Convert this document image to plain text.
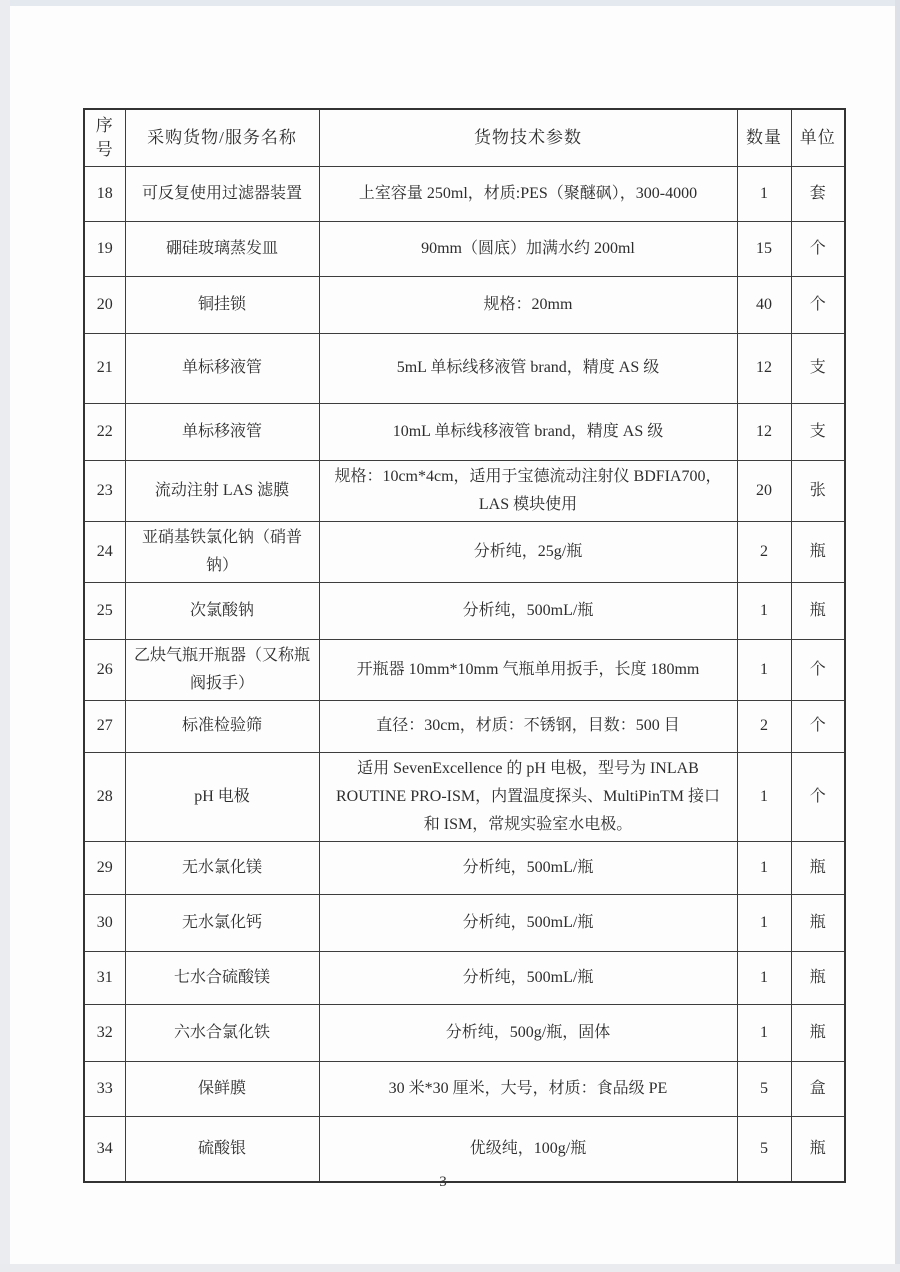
序号	采购货物/服务名称	货物技术参数	数量	单位
18	可反复使用过滤器装置	上室容量 250ml，材质:PES（聚醚砜），300-4000	1	套
19	硼硅玻璃蒸发皿	90mm（圆底）加满水约 200ml	15	个
20	铜挂锁	规格：20mm	40	个
21	单标移液管	5mL 单标线移液管 brand，精度 AS 级	12	支
22	单标移液管	10mL 单标线移液管 brand，精度 AS 级	12	支
23	流动注射 LAS 滤膜	规格：10cm*4cm，适用于宝德流动注射仪 BDFIA700，LAS 模块使用	20	张
24	亚硝基铁氯化钠（硝普钠）	分析纯，25g/瓶	2	瓶
25	次氯酸钠	分析纯，500mL/瓶	1	瓶
26	乙炔气瓶开瓶器（又称瓶阀扳手）	开瓶器 10mm*10mm 气瓶单用扳手，长度 180mm	1	个
27	标准检验筛	直径：30cm，材质：不锈钢，目数：500 目	2	个
28	pH 电极	适用 SevenExcellence 的 pH 电极，型号为 INLAB ROUTINE PRO-ISM，内置温度探头、MultiPinTM 接口和 ISM，常规实验室水电极。	1	个
29	无水氯化镁	分析纯，500mL/瓶	1	瓶
30	无水氯化钙	分析纯，500mL/瓶	1	瓶
31	七水合硫酸镁	分析纯，500mL/瓶	1	瓶
32	六水合氯化铁	分析纯，500g/瓶，固体	1	瓶
33	保鲜膜	30 米*30 厘米，大号，材质：食品级 PE	5	盒
34	硫酸银	优级纯，100g/瓶	5	瓶
3
